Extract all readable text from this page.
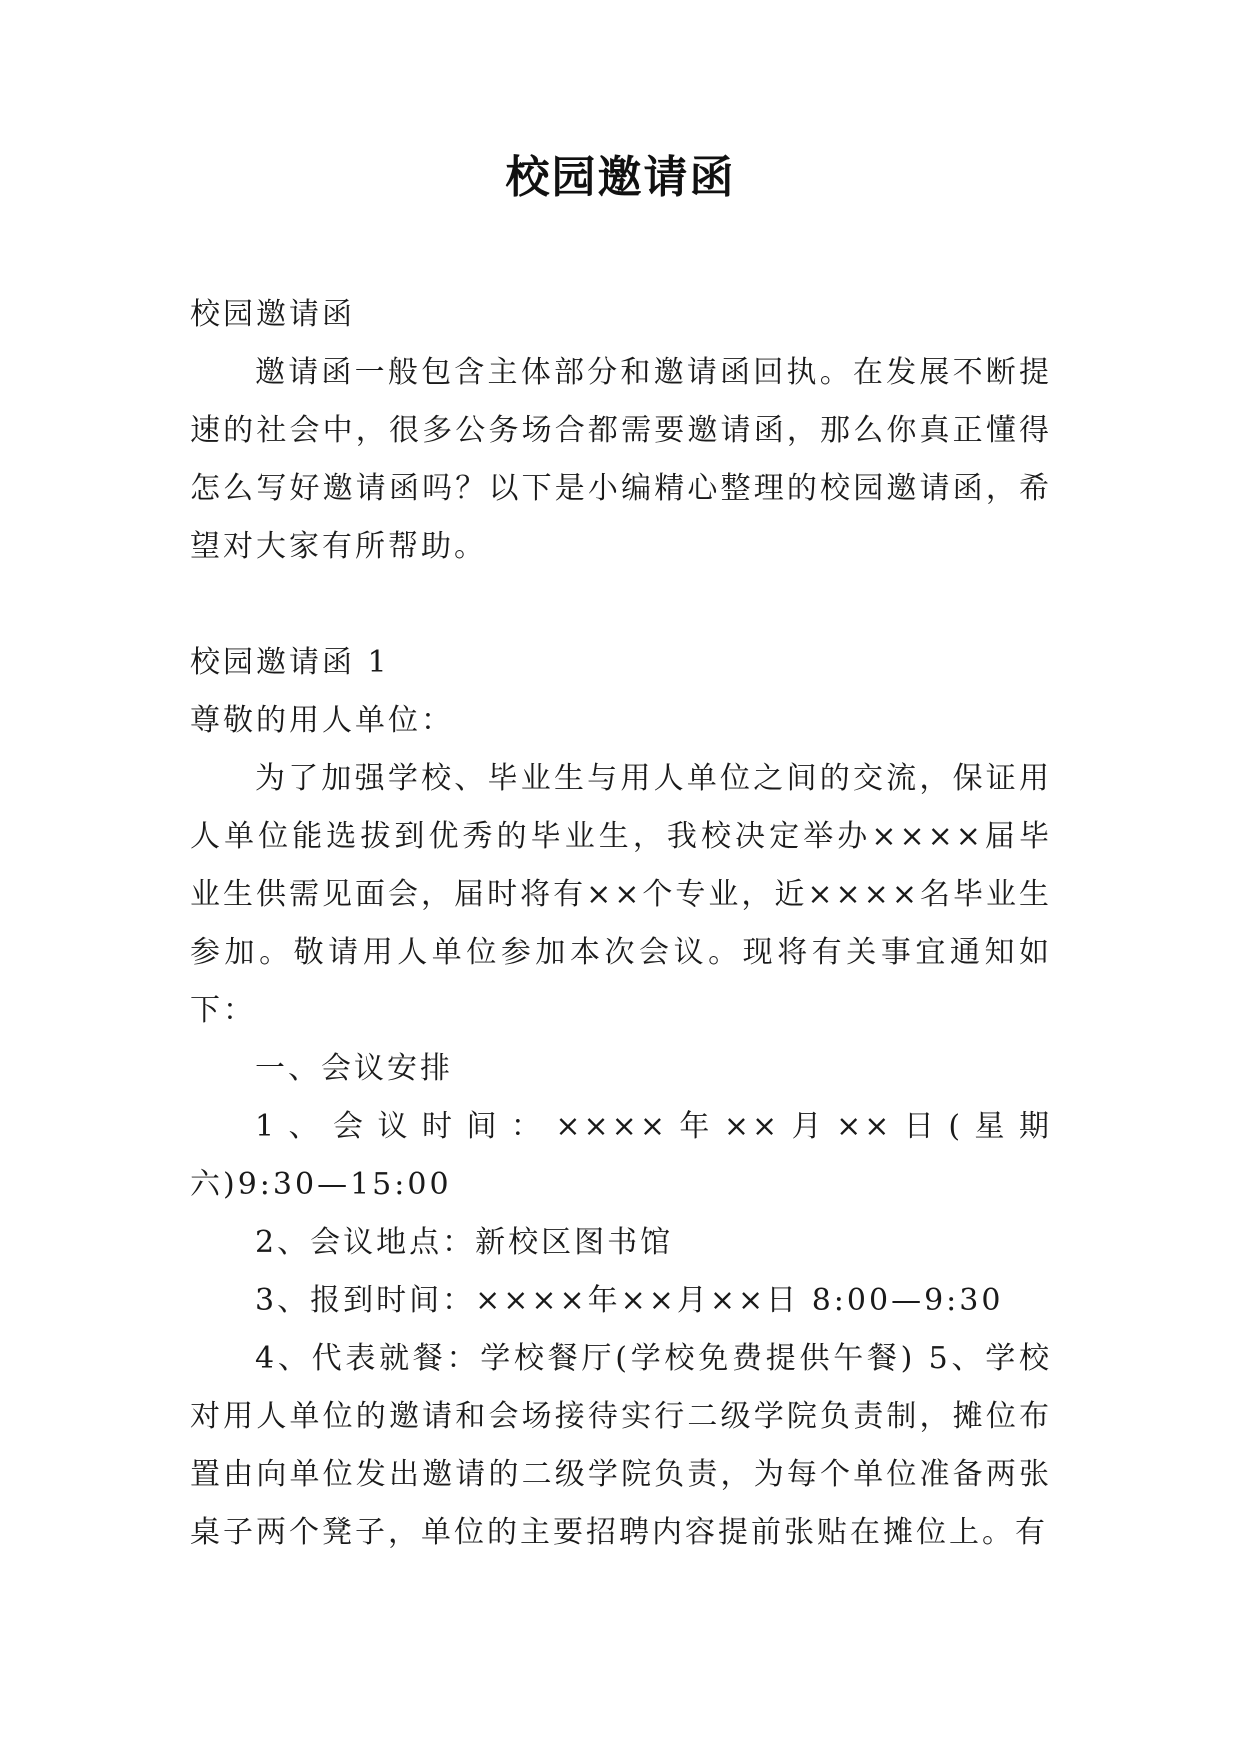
校园邀请函

校园邀请函

邀请函一般包含主体部分和邀请函回执。在发展不断提速的社会中，很多公务场合都需要邀请函，那么你真正懂得怎么写好邀请函吗？以下是小编精心整理的校园邀请函，希望对大家有所帮助。

校园邀请函 1

尊敬的用人单位：

为了加强学校、毕业生与用人单位之间的交流，保证用人单位能选拔到优秀的毕业生，我校决定举办××××届毕业生供需见面会，届时将有××个专业，近××××名毕业生参加。敬请用人单位参加本次会议。现将有关事宜通知如下：

一、会议安排

1、会议时间：××××年××月××日(星期

六)9:30—15:00

2、会议地点：新校区图书馆

3、报到时间：××××年××月××日 8:00—9:30

4、代表就餐：学校餐厅(学校免费提供午餐) 5、学校对用人单位的邀请和会场接待实行二级学院负责制，摊位布置由向单位发出邀请的二级学院负责，为每个单位准备两张桌子两个凳子，单位的主要招聘内容提前张贴在摊位上。有
